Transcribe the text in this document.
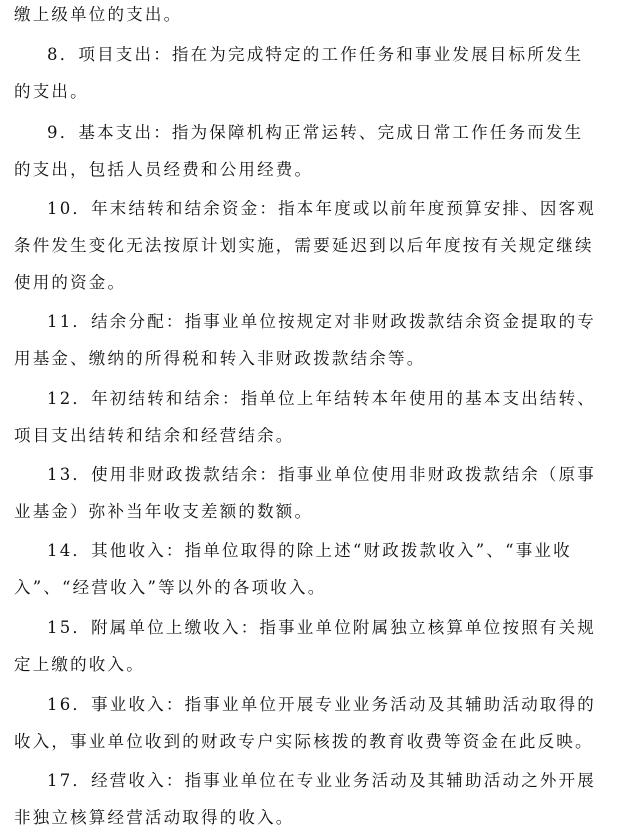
缴上级单位的支出。
8．项目支出：指在为完成特定的工作任务和事业发展目标所发生
的支出。
9．基本支出：指为保障机构正常运转、完成日常工作任务而发生
的支出，包括人员经费和公用经费。
10．年末结转和结余资金：指本年度或以前年度预算安排、因客观
条件发生变化无法按原计划实施，需要延迟到以后年度按有关规定继续
使用的资金。
11．结余分配：指事业单位按规定对非财政拨款结余资金提取的专
用基金、缴纳的所得税和转入非财政拨款结余等。
12．年初结转和结余：指单位上年结转本年使用的基本支出结转、
项目支出结转和结余和经营结余。
13．使用非财政拨款结余：指事业单位使用非财政拨款结余（原事
业基金）弥补当年收支差额的数额。
14．其他收入：指单位取得的除上述“财政拨款收入”、“事业收
入”、“经营收入”等以外的各项收入。
15．附属单位上缴收入：指事业单位附属独立核算单位按照有关规
定上缴的收入。
16．事业收入：指事业单位开展专业业务活动及其辅助活动取得的
收入，事业单位收到的财政专户实际核拨的教育收费等资金在此反映。
17．经营收入：指事业单位在专业业务活动及其辅助活动之外开展
非独立核算经营活动取得的收入。
